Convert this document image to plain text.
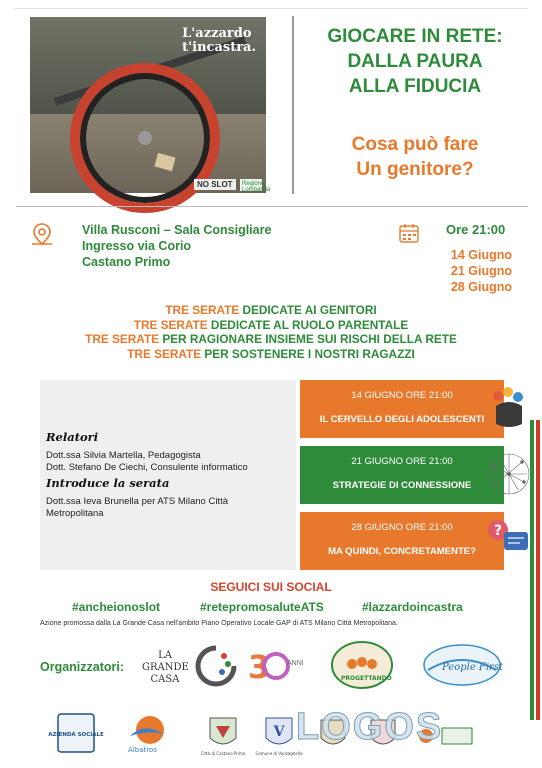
L'azzardo
t'incastra.
NO SLOT	Regione Lombardia
GIOCARE IN RETE:
DALLA PAURA
ALLA FIDUCIA
Cosa può fare
Un genitore?
Villa Rusconi – Sala Consigliare
Ingresso via Corio
Castano Primo
Ore 21:00
14 Giugno
21 Giugno
28 Giugno
TRE SERATE DEDICATE AI GENITORI
TRE SERATE DEDICATE AL RUOLO PARENTALE
TRE SERATE PER RAGIONARE INSIEME SUI RISCHI DELLA RETE
TRE SERATE PER SOSTENERE I NOSTRI RAGAZZI
Relatori
Dott.ssa Silvia Martella, Pedagogista
Dott. Stefano De Ciechi, Consulente informatico
Introduce la serata
Dott.ssa Ieva Brunella per ATS Milano Città
Metropolitana
14 GIUGNO ORE 21:00
IL CERVELLO DEGLI ADOLESCENTI
21 GIUGNO ORE 21:00
STRATEGIE DI CONNESSIONE
28 GIUGNO ORE 21:00
MA QUINDI, CONCRETAMENTE?
?
SEGUICI SUI SOCIAL
#ancheionoslot	#retepromosaluteATS	#lazzardoincastra
Azione promossa dalla La Grande Casa nell'ambito Piano Operativo Locale GAP di ATS Milano Città Metropolitana.
Organizzatori:
LA
GRANDE
CASA 3 ANNI
PROGETTANDO
People First
AZIENDA SOCIALE
Albatros	Città di Castano Primo
V
Comune di Vanzaghello
LOGOS
